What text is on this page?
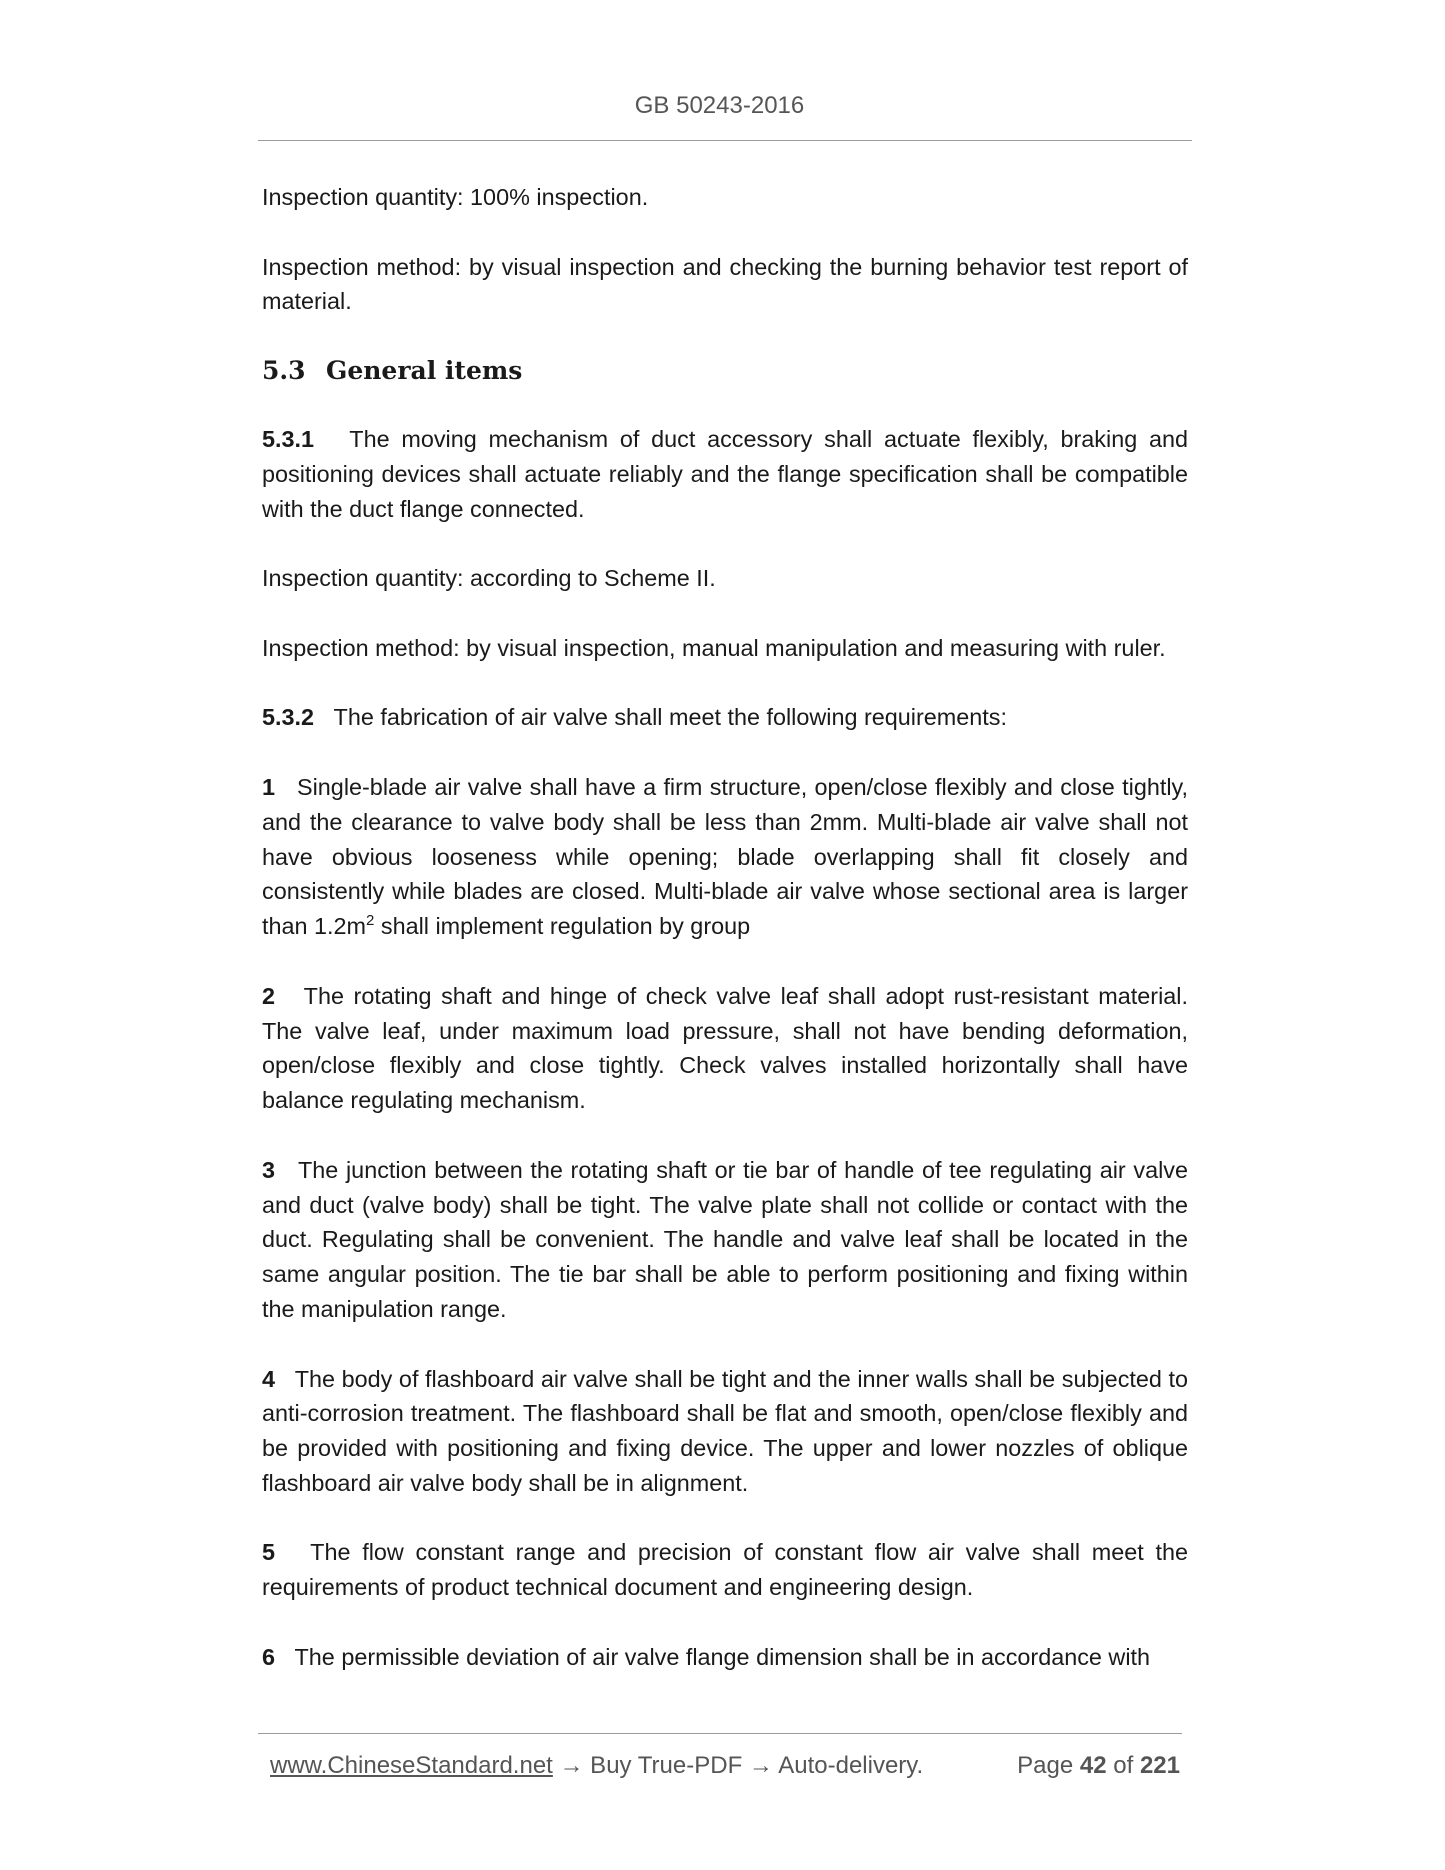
GB 50243-2016

Inspection quantity: 100% inspection.

Inspection method: by visual inspection and checking the burning behavior test report of material.

5.3 General items

5.3.1 The moving mechanism of duct accessory shall actuate flexibly, braking and positioning devices shall actuate reliably and the flange specification shall be compatible with the duct flange connected.

Inspection quantity: according to Scheme II.

Inspection method: by visual inspection, manual manipulation and measuring with ruler.

5.3.2 The fabrication of air valve shall meet the following requirements:

1 Single-blade air valve shall have a firm structure, open/close flexibly and close tightly, and the clearance to valve body shall be less than 2mm. Multi-blade air valve shall not have obvious looseness while opening; blade overlapping shall fit closely and consistently while blades are closed. Multi-blade air valve whose sectional area is larger than $1.2m^2$ shall implement regulation by group

2 The rotating shaft and hinge of check valve leaf shall adopt rust-resistant material. The valve leaf, under maximum load pressure, shall not have bending deformation, open/close flexibly and close tightly. Check valves installed horizontally shall have balance regulating mechanism.

3 The junction between the rotating shaft or tie bar of handle of tee regulating air valve and duct (valve body) shall be tight. The valve plate shall not collide or contact with the duct. Regulating shall be convenient. The handle and valve leaf shall be located in the same angular position. The tie bar shall be able to perform positioning and fixing within the manipulation range.

4 The body of flashboard air valve shall be tight and the inner walls shall be subjected to anti-corrosion treatment. The flashboard shall be flat and smooth, open/close flexibly and be provided with positioning and fixing device. The upper and lower nozzles of oblique flashboard air valve body shall be in alignment.

5 The flow constant range and precision of constant flow air valve shall meet the requirements of product technical document and engineering design.

6 The permissible deviation of air valve flange dimension shall be in accordance with

www.ChineseStandard.net → Buy True-PDF → Auto-delivery.	Page 42 of 221
